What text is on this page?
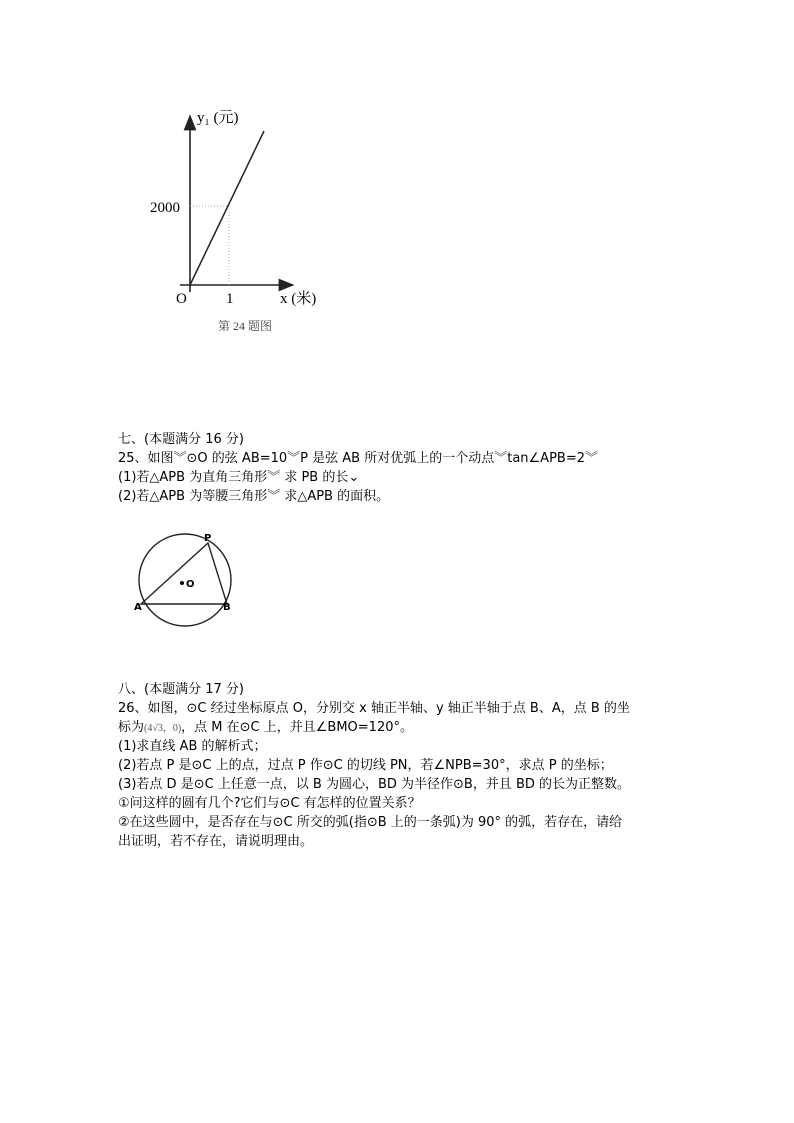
y₁ (元)
2000
O	1	x (米)
第 24 题图
七、(本题满分 16 分)
25、如图︾⊙O 的弦 AB=10︾P 是弦 AB 所对优弧上的一个动点︾tan∠APB=2︾
(1)若△APB 为直角三角形︾ 求 PB 的长⌄
(2)若△APB 为等腰三角形︾ 求△APB 的面积。
P
O
A	B
八、(本题满分 17 分)
26、如图，⊙C 经过坐标原点 O，分别交 x 轴正半轴、y 轴正半轴于点 B、A，点 B 的坐
标为(4√3，0)，点 M 在⊙C 上，并且∠BMO=120°。
(1)求直线 AB 的解析式；
(2)若点 P 是⊙C 上的点，过点 P 作⊙C 的切线 PN，若∠NPB=30°，求点 P 的坐标；
(3)若点 D 是⊙C 上任意一点，以 B 为圆心，BD 为半径作⊙B，并且 BD 的长为正整数。
①问这样的圆有几个?它们与⊙C 有怎样的位置关系？
②在这些圆中，是否存在与⊙C 所交的弧(指⊙B 上的一条弧)为 90° 的弧，若存在，请给
出证明，若不存在，请说明理由。
